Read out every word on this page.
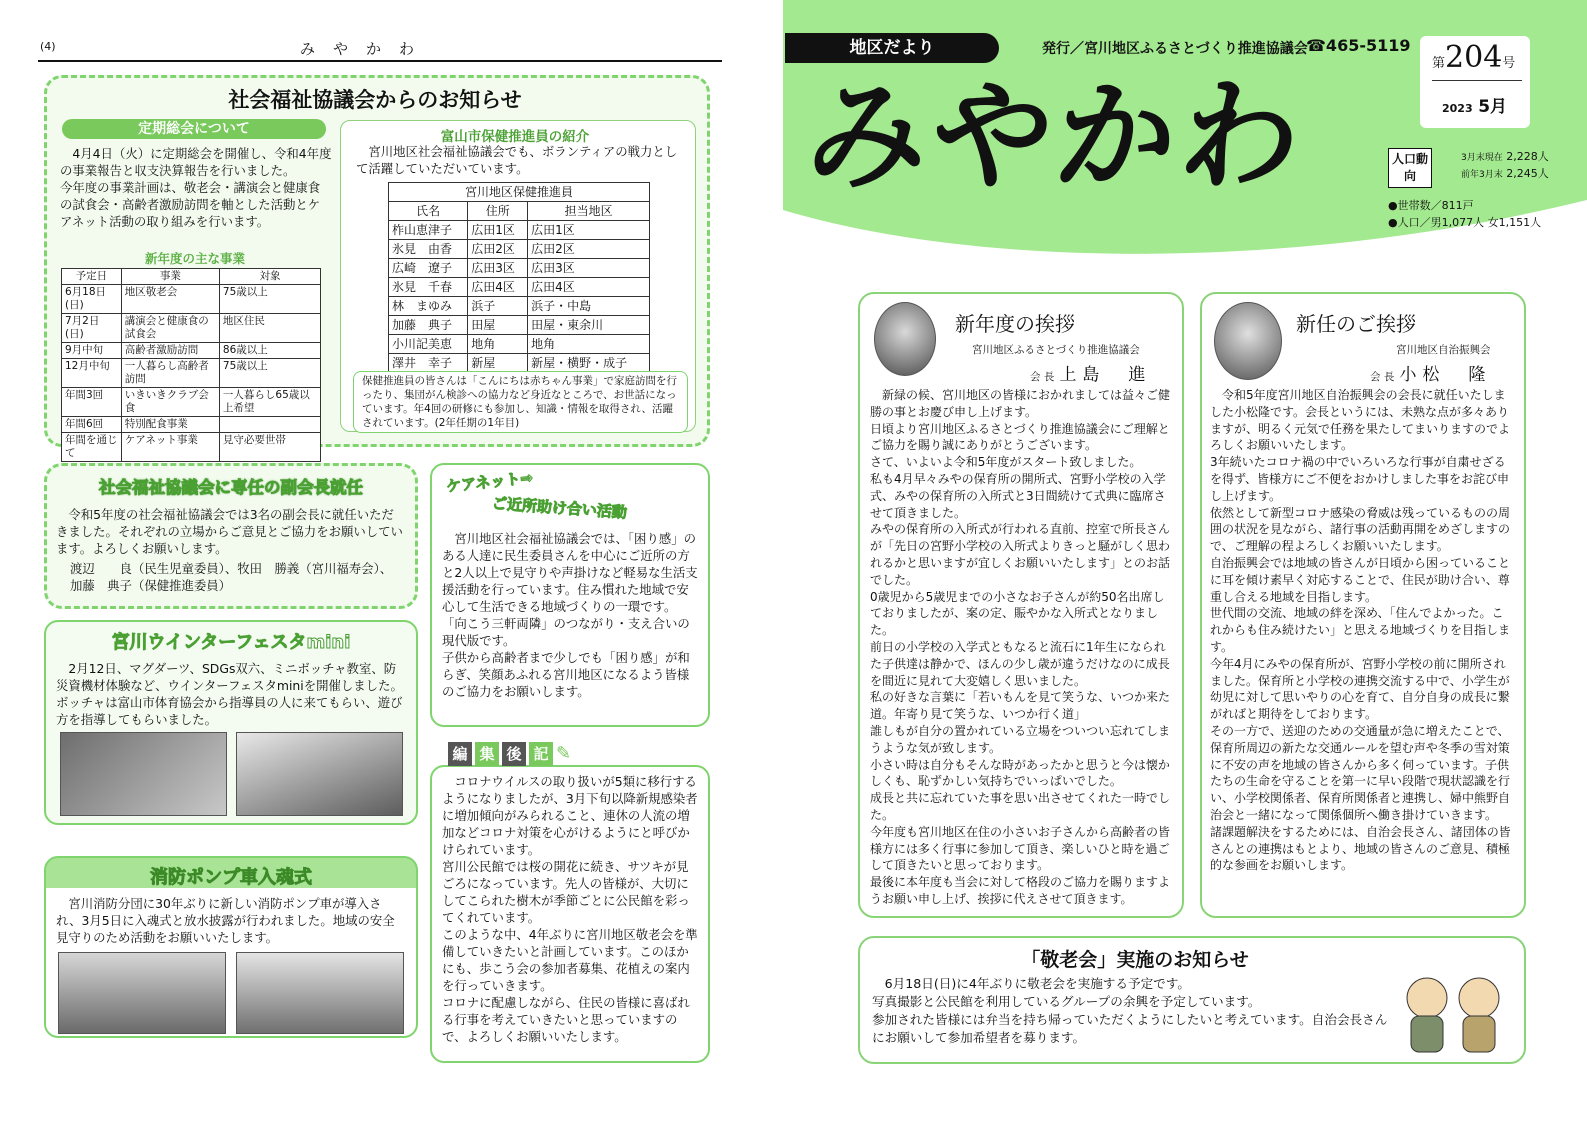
(4)	みやかわ
社会福祉協議会からのお知らせ
定期総会について
4月4日（火）に定期総会を開催し、令和4年度の事業報告と収支決算報告を行いました。
今年度の事業計画は、敬老会・講演会と健康食の試食会・高齢者激励訪問を軸とした活動とケアネット活動の取り組みを行います。
新年度の主な事業
予定日	事業	対象
6月18日(日)	地区敬老会	75歳以上
7月2日(日)	講演会と健康食の試食会	地区住民
9月中旬	高齢者激励訪問	86歳以上
12月中旬	一人暮らし高齢者訪問	75歳以上
年間3回	いきいきクラブ会食	一人暮らし65歳以上希望
年間6回	特別配食事業	
年間を通じて	ケアネット事業	見守必要世帯
富山市保健推進員の紹介
宮川地区社会福祉協議会でも、ボランティアの戦力として活躍していただいています。
宮川地区保健推進員		
氏名	住所	担当地区
柞山恵津子	広田1区	広田1区
氷見　由香	広田2区	広田2区
広崎　遼子	広田3区	広田3区
氷見　千春	広田4区	広田4区
林　まゆみ	浜子	浜子・中島
加藤　典子	田屋	田屋・東余川
小川記美恵	地角	地角
澤井　幸子	新屋	新屋・横野・成子
保健推進員の皆さんは「こんにちは赤ちゃん事業」で家庭訪問を行ったり、集団がん検診への協力など身近なところで、お世話になっています。年4回の研修にも参加し、知識・情報を取得され、活躍されています。(2年任期の1年目)
社会福祉協議会に専任の副会長就任
令和5年度の社会福祉協議会では3名の副会長に就任いただきました。それぞれの立場からご意見とご協力をお願いしています。よろしくお願いします。
渡辺　　良（民生児童委員）、牧田　勝義（宮川福寿会）、
加藤　典子（保健推進委員）
宮川ウインターフェスタmini
2月12日、マグダーツ、SDGs双六、ミニボッチャ教室、防災資機材体験など、ウインターフェスタminiを開催しました。
ボッチャは富山市体育協会から指導員の人に来てもらい、遊び方を指導してもらいました。
消防ポンプ車入魂式
宮川消防分団に30年ぶりに新しい消防ポンプ車が導入され、3月5日に入魂式と放水披露が行われました。地域の安全見守りのため活動をお願いいたします。
ケアネット⇒
ご近所助け合い活動
宮川地区社会福祉協議会では、「困り感」のある人達に民生委員さんを中心にご近所の方と2人以上で見守りや声掛けなど軽易な生活支援活動を行っています。住み慣れた地域で安心して生活できる地域づくりの一環です。
「向こう三軒両隣」のつながり・支え合いの現代版です。
子供から高齢者まで少しでも「困り感」が和らぎ、笑顔あふれる宮川地区になるよう皆様のご協力をお願いします。
編 集 後 記 ✎
コロナウイルスの取り扱いが5類に移行するようになりましたが、3月下旬以降新規感染者に増加傾向がみられること、連休の人流の増加などコロナ対策を心がけるようにと呼びかけられています。
宮川公民館では桜の開花に続き、サツキが見ごろになっています。先人の皆様が、大切にしてこられた樹木が季節ごとに公民館を彩ってくれています。
このような中、4年ぶりに宮川地区敬老会を準備していきたいと計画しています。このほかにも、歩こう会の参加者募集、花植えの案内を行っていきます。
コロナに配慮しながら、住民の皆様に喜ばれる行事を考えていきたいと思っていますので、よろしくお願いいたします。
地区だより	発行／宮川地区ふるさとづくり推進協議会
☎465-5119
第204号
2023 5月
みやかわ	人口動向
3月末現在 2,228人
前年3月末 2,245人
●世帯数／811戸
●人口／男1,077人 女1,151人
新年度の挨拶
宮川地区ふるさとづくり推進協議会
会 長 上島　進
新緑の候、宮川地区の皆様におかれましては益々ご健勝の事とお慶び申し上げます。
日頃より宮川地区ふるさとづくり推進協議会にご理解とご協力を賜り誠にありがとうございます。
さて、いよいよ令和5年度がスタート致しました。
私も4月早々みやの保育所の開所式、宮野小学校の入学式、みやの保育所の入所式と3日間続けて式典に臨席させて頂きました。
みやの保育所の入所式が行われる直前、控室で所長さんが「先日の宮野小学校の入所式よりきっと騒がしく思われるかと思いますが宜しくお願いいたします」とのお話でした。
0歳児から5歳児までの小さなお子さんが約50名出席しておりましたが、案の定、賑やかな入所式となりました。
前日の小学校の入学式ともなると流石に1年生になられた子供達は静かで、ほんの少し歳が違うだけなのに成長を間近に見れて大変嬉しく思いました。
私の好きな言葉に「若いもんを見て笑うな、いつか来た道。年寄り見て笑うな、いつか行く道」
誰しもが自分の置かれている立場をついつい忘れてしまうような気が致します。
小さい時は自分もそんな時があったかと思うと今は懐かしくも、恥ずかしい気持ちでいっぱいでした。
成長と共に忘れていた事を思い出させてくれた一時でした。
今年度も宮川地区在住の小さいお子さんから高齢者の皆様方には多く行事に参加して頂き、楽しいひと時を過ごして頂きたいと思っております。
最後に本年度も当会に対して格段のご協力を賜りますようお願い申し上げ、挨拶に代えさせて頂きます。
新任のご挨拶
宮川地区自治振興会
会 長 小松　隆
令和5年度宮川地区自治振興会の会長に就任いたしました小松隆です。会長というには、未熟な点が多々ありますが、明るく元気で任務を果たしてまいりますのでよろしくお願いいたします。
3年続いたコロナ禍の中でいろいろな行事が自粛せざるを得ず、皆様方にご不便をおかけしました事をお詫び申し上げます。
依然として新型コロナ感染の脅威は残っているものの周囲の状況を見ながら、諸行事の活動再開をめざしますので、ご理解の程よろしくお願いいたします。
自治振興会では地域の皆さんが日頃から困っていることに耳を傾け素早く対応することで、住民が助け合い、尊重し合える地域を目指します。
世代間の交流、地域の絆を深め、「住んでよかった。これからも住み続けたい」と思える地域づくりを目指します。
今年4月にみやの保育所が、宮野小学校の前に開所されました。保育所と小学校の連携交流する中で、小学生が幼児に対して思いやりの心を育て、自分自身の成長に繋がればと期待をしております。
その一方で、送迎のための交通量が急に増えたことで、保育所周辺の新たな交通ルールを望む声や冬季の雪対策に不安の声を地域の皆さんから多く伺っています。子供たちの生命を守ることを第一に早い段階で現状認識を行い、小学校関係者、保育所関係者と連携し、婦中熊野自治会と一緒になって関係個所へ働き掛けていきます。
諸課題解決をするためには、自治会長さん、諸団体の皆さんとの連携はもとより、地域の皆さんのご意見、積極的な参画をお願いします。
「敬老会」実施のお知らせ
6月18日(日)に4年ぶりに敬老会を実施する予定です。
写真撮影と公民館を利用しているグループの余興を予定しています。
参加された皆様には弁当を持ち帰っていただくようにしたいと考えています。自治会長さんにお願いして参加希望者を募ります。
